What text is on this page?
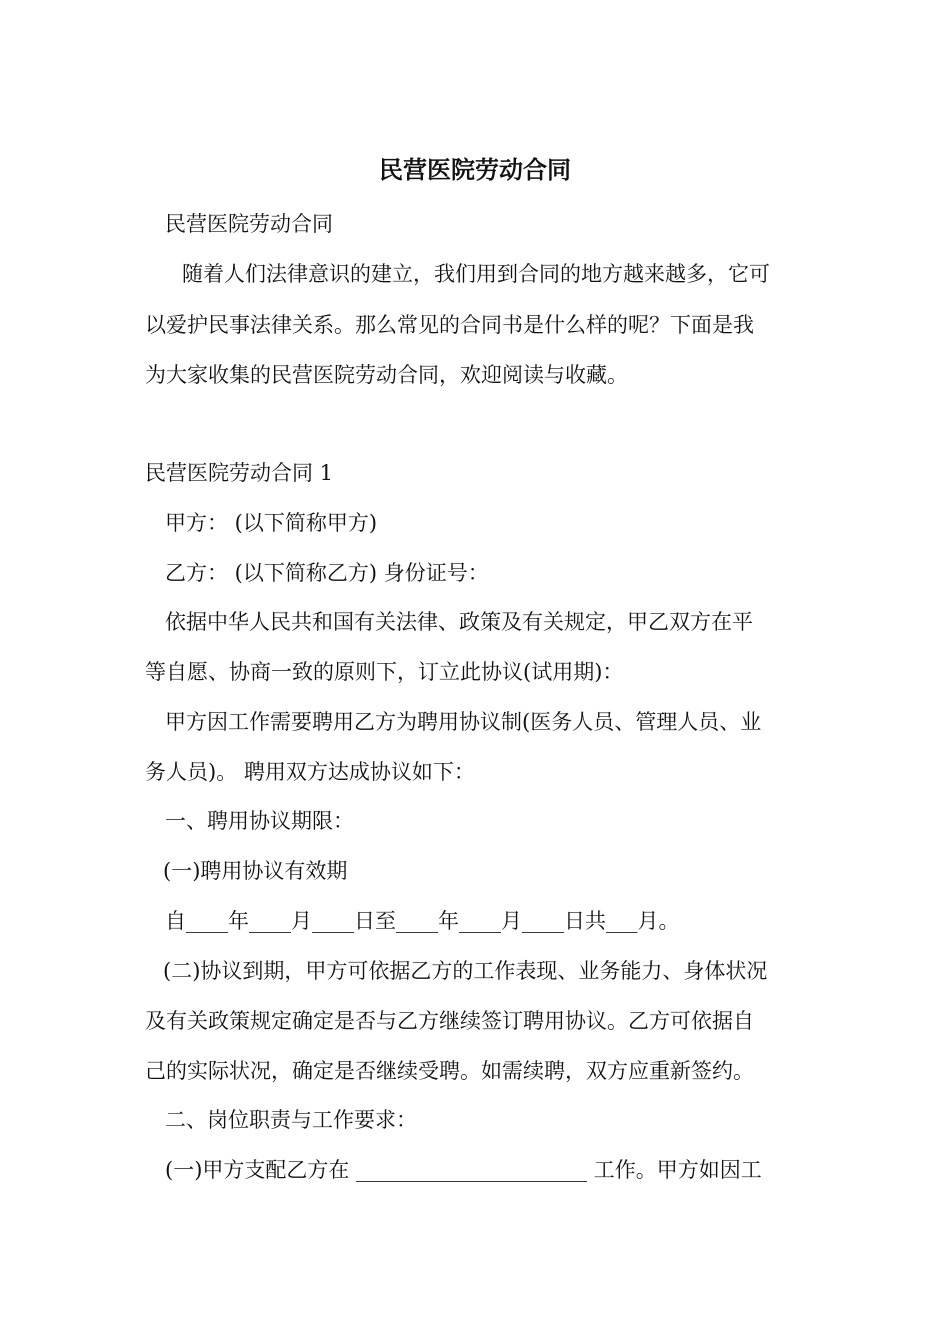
民营医院劳动合同

民营医院劳动合同

随着人们法律意识的建立，我们用到合同的地方越来越多，它可

以爱护民事法律关系。那么常见的合同书是什么样的呢？下面是我

为大家收集的民营医院劳动合同，欢迎阅读与收藏。

民营医院劳动合同 1

甲方： (以下简称甲方)

乙方： (以下简称乙方) 身份证号：

依据中华人民共和国有关法律、政策及有关规定，甲乙双方在平

等自愿、协商一致的原则下，订立此协议(试用期)：

甲方因工作需要聘用乙方为聘用协议制(医务人员、管理人员、业

务人员)。 聘用双方达成协议如下：

一、聘用协议期限：

(一)聘用协议有效期

自____年____月____日至____年____月____日共___月。

(二)协议到期，甲方可依据乙方的工作表现、业务能力、身体状况

及有关政策规定确定是否与乙方继续签订聘用协议。乙方可依据自

己的实际状况，确定是否继续受聘。如需续聘，双方应重新签约。

二、岗位职责与工作要求：

(一)甲方支配乙方在 ______________________ 工作。甲方如因工
